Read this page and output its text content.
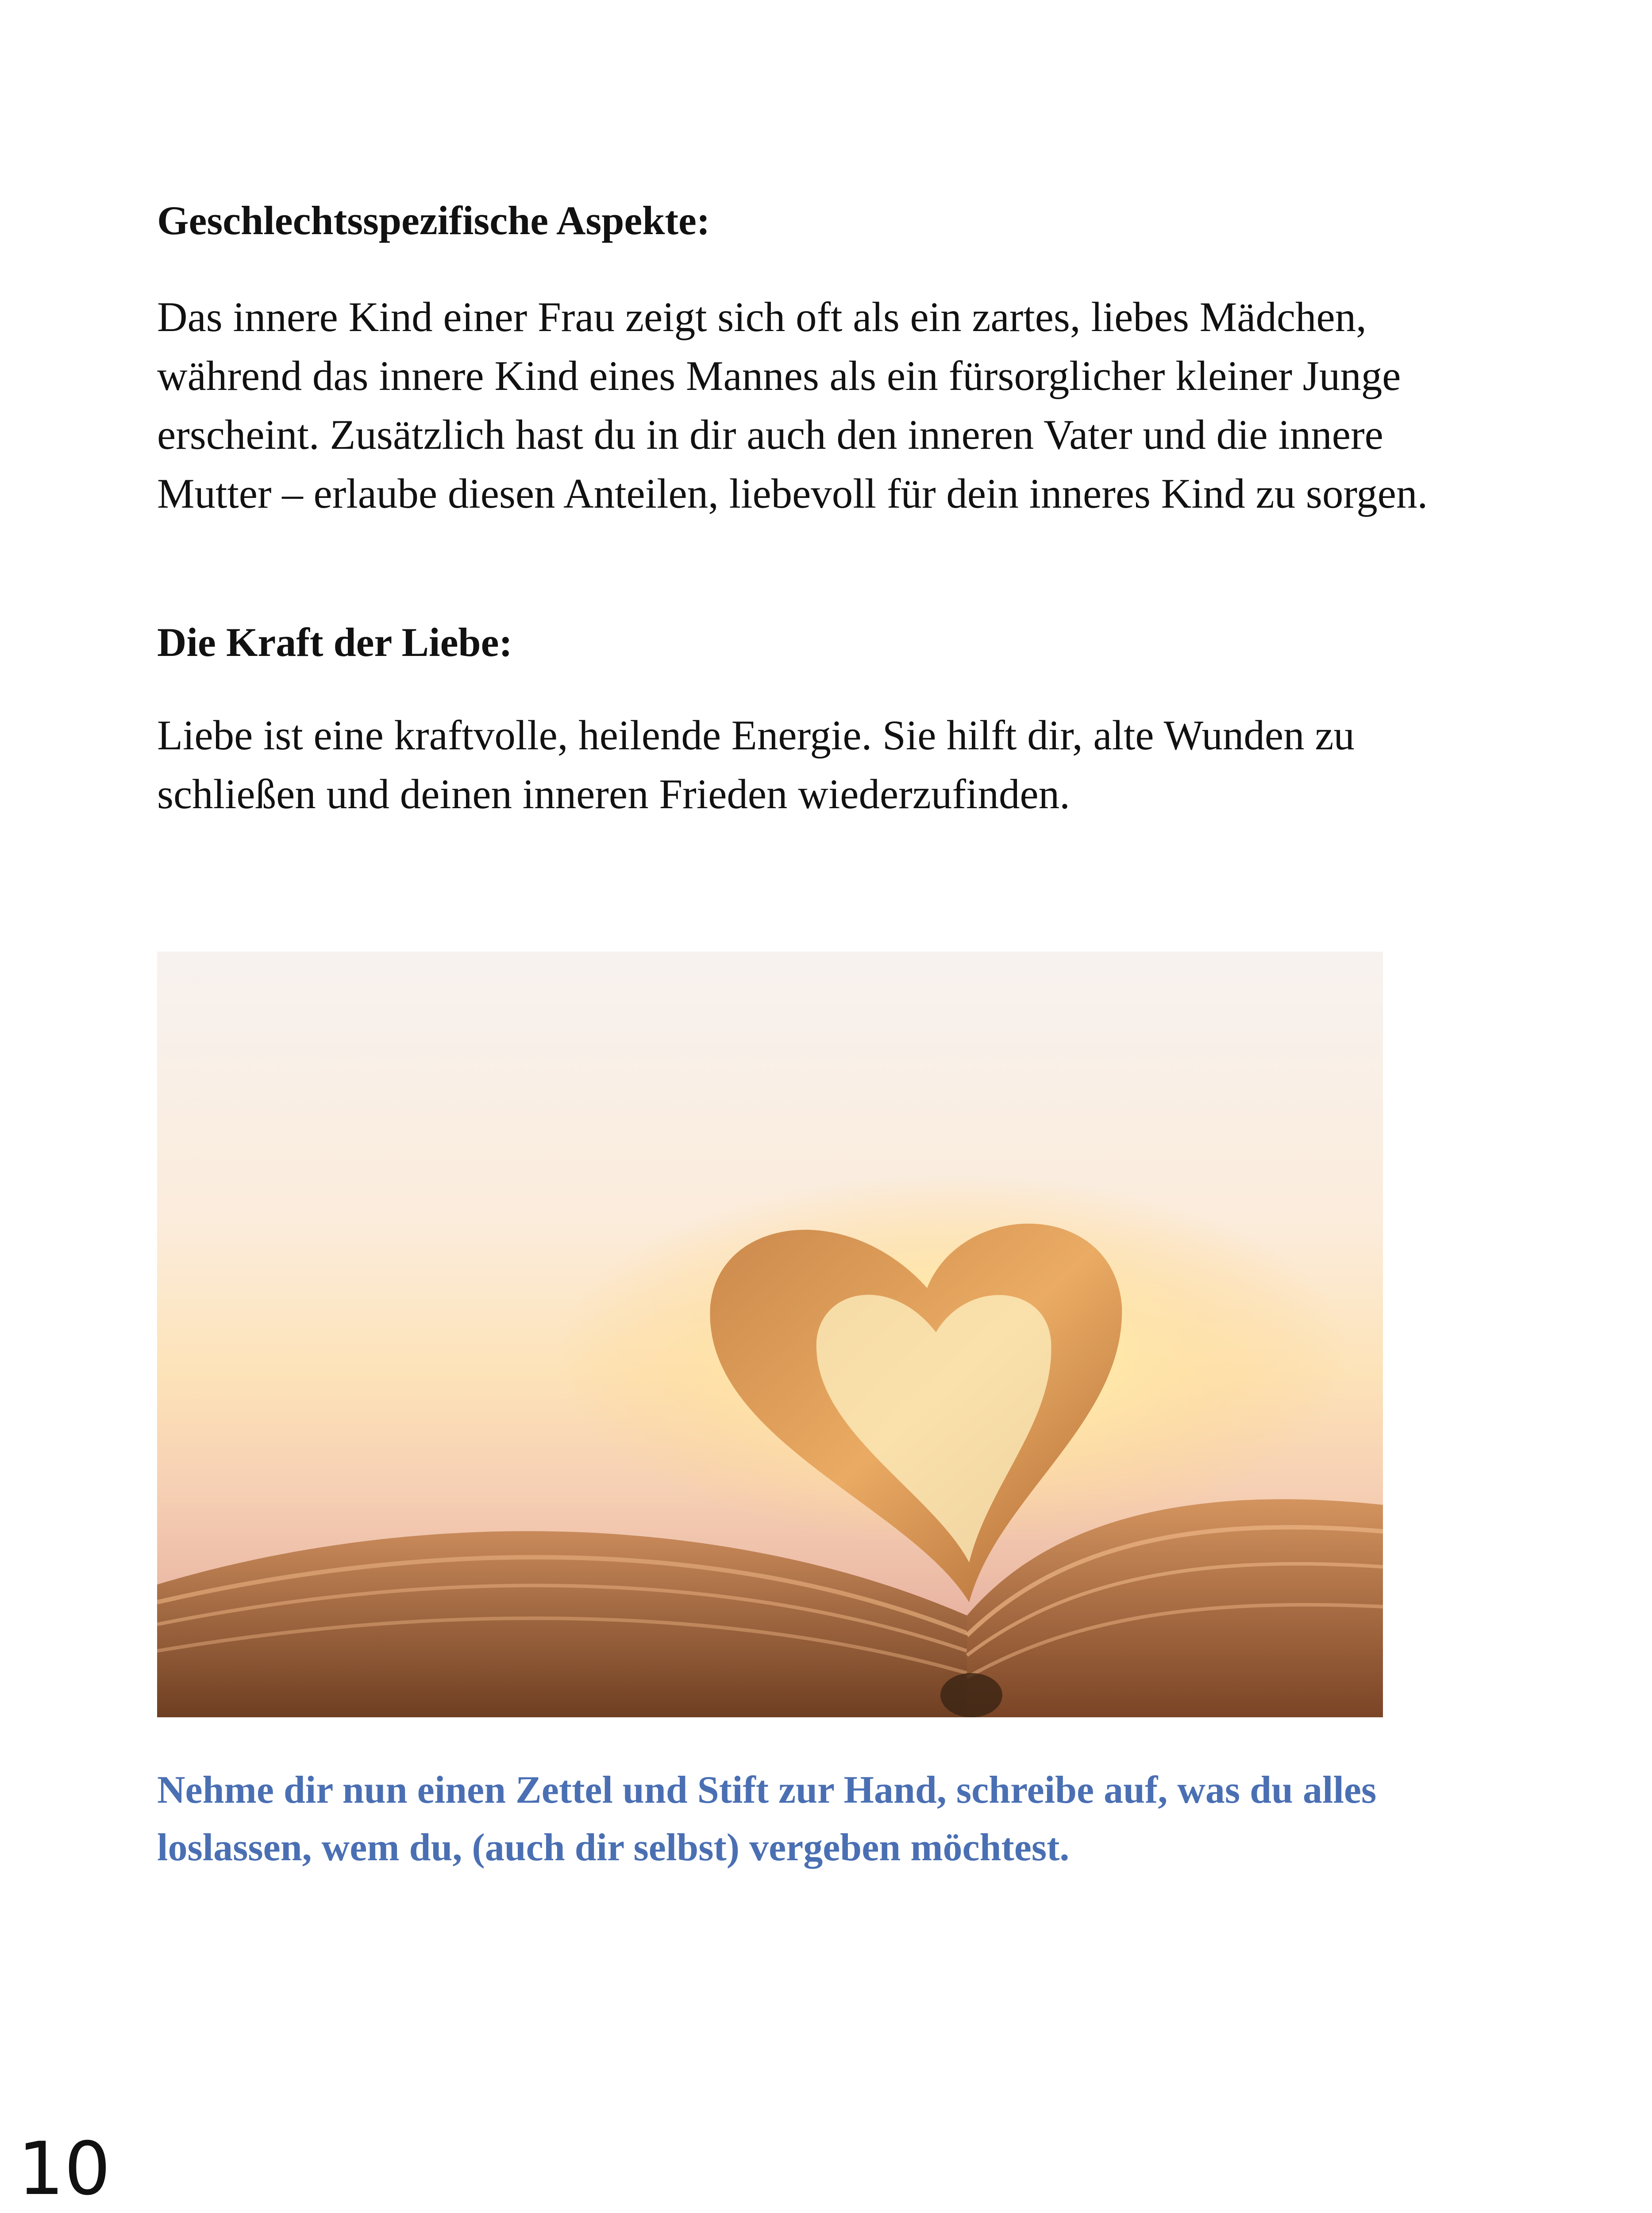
Geschlechtsspezifische Aspekte:
Das innere Kind einer Frau zeigt sich oft als ein zartes, liebes Mädchen, während das innere Kind eines Mannes als ein fürsorglicher kleiner Junge erscheint. Zusätzlich hast du in dir auch den inneren Vater und die innere Mutter – erlaube diesen Anteilen, liebevoll für dein inneres Kind zu sorgen.
Die Kraft der Liebe:
Liebe ist eine kraftvolle, heilende Energie. Sie hilft dir, alte Wunden zu schließen und deinen inneren Frieden wiederzufinden.
Nehme dir nun einen Zettel und Stift zur Hand, schreibe auf, was du alles loslassen, wem du, (auch dir selbst) vergeben möchtest.
10
